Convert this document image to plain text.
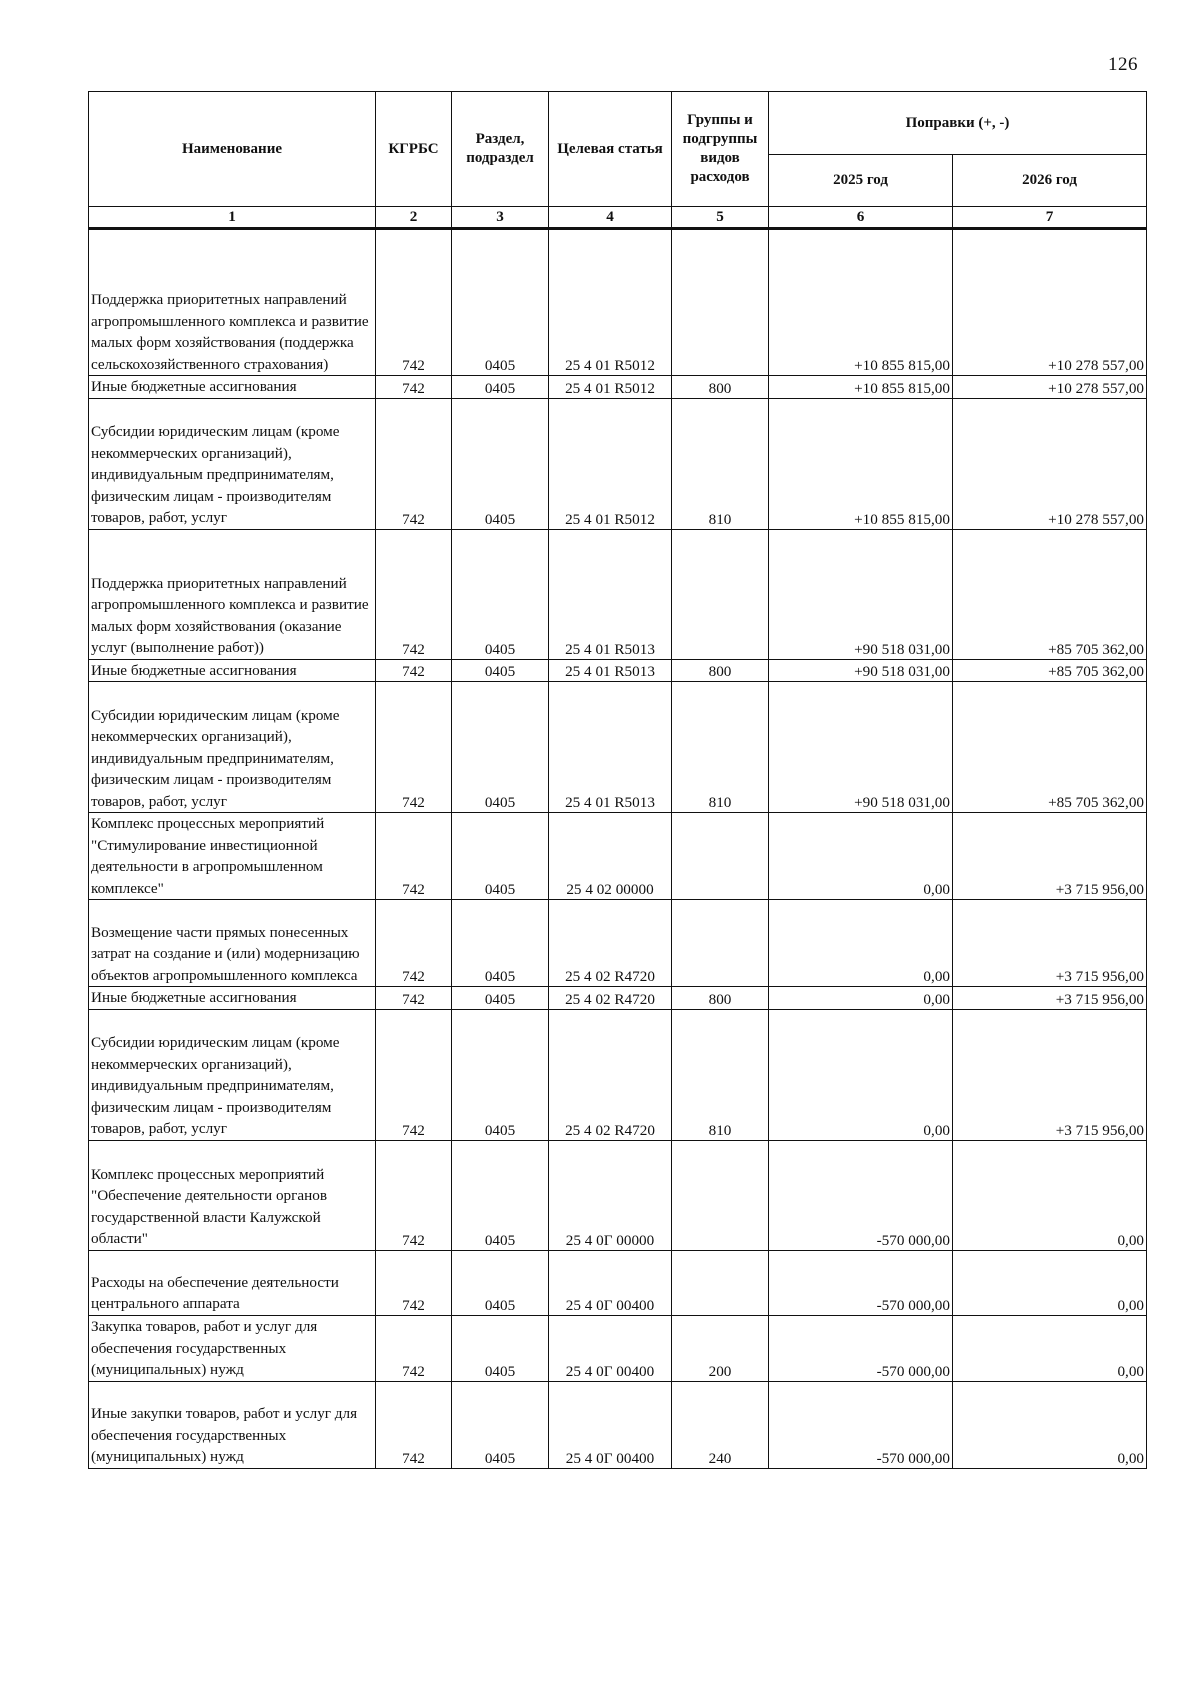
126
Наименование	КГРБС	Раздел, подраздел	Целевая статья	Группы и подгруппы видов расходов	Поправки (+, -)	
					2025 год	2026 год
1	2	3	4	5	6	7
Поддержка приоритетных направлений агропромышленного комплекса и развитие малых форм хозяйствования (поддержка сельскохозяйственного страхования)	742	0405	25 4 01 R5012		+10 855 815,00	+10 278 557,00
Иные бюджетные ассигнования	742	0405	25 4 01 R5012	800	+10 855 815,00	+10 278 557,00
Субсидии юридическим лицам (кроме некоммерческих организаций), индивидуальным предпринимателям, физическим лицам - производителям товаров, работ, услуг	742	0405	25 4 01 R5012	810	+10 855 815,00	+10 278 557,00
Поддержка приоритетных направлений агропромышленного комплекса и развитие малых форм хозяйствования (оказание услуг (выполнение работ))	742	0405	25 4 01 R5013		+90 518 031,00	+85 705 362,00
Иные бюджетные ассигнования	742	0405	25 4 01 R5013	800	+90 518 031,00	+85 705 362,00
Субсидии юридическим лицам (кроме некоммерческих организаций), индивидуальным предпринимателям, физическим лицам - производителям товаров, работ, услуг	742	0405	25 4 01 R5013	810	+90 518 031,00	+85 705 362,00
Комплекс процессных мероприятий "Стимулирование инвестиционной деятельности в агропромышленном комплексе"	742	0405	25 4 02 00000		0,00	+3 715 956,00
Возмещение части прямых понесенных затрат на создание и (или) модернизацию объектов агропромышленного комплекса	742	0405	25 4 02 R4720		0,00	+3 715 956,00
Иные бюджетные ассигнования	742	0405	25 4 02 R4720	800	0,00	+3 715 956,00
Субсидии юридическим лицам (кроме некоммерческих организаций), индивидуальным предпринимателям, физическим лицам - производителям товаров, работ, услуг	742	0405	25 4 02 R4720	810	0,00	+3 715 956,00
Комплекс процессных мероприятий "Обеспечение деятельности органов государственной власти Калужской области"	742	0405	25 4 0Г 00000		-570 000,00	0,00
Расходы на обеспечение деятельности центрального аппарата	742	0405	25 4 0Г 00400		-570 000,00	0,00
Закупка товаров, работ и услуг для обеспечения государственных (муниципальных) нужд	742	0405	25 4 0Г 00400	200	-570 000,00	0,00
Иные закупки товаров, работ и услуг для обеспечения государственных (муниципальных) нужд	742	0405	25 4 0Г 00400	240	-570 000,00	0,00
